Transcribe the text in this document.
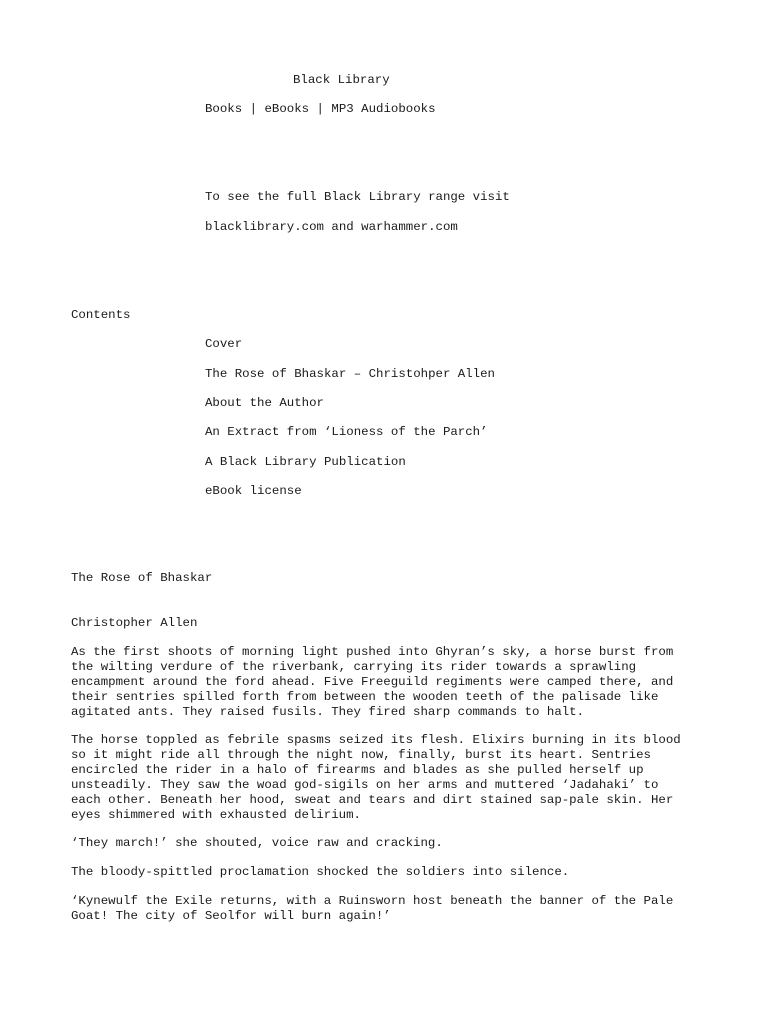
Black Library
Books | eBooks | MP3 Audiobooks
To see the full Black Library range visit
blacklibrary.com and warhammer.com
Contents
Cover
The Rose of Bhaskar – Christohper Allen
About the Author
An Extract from ‘Lioness of the Parch’
A Black Library Publication
eBook license
The Rose of Bhaskar
Christopher Allen
As the first shoots of morning light pushed into Ghyran’s sky, a horse burst from
the wilting verdure of the riverbank, carrying its rider towards a sprawling
encampment around the ford ahead. Five Freeguild regiments were camped there, and
their sentries spilled forth from between the wooden teeth of the palisade like
agitated ants. They raised fusils. They fired sharp commands to halt.
The horse toppled as febrile spasms seized its flesh. Elixirs burning in its blood
so it might ride all through the night now, finally, burst its heart. Sentries
encircled the rider in a halo of firearms and blades as she pulled herself up
unsteadily. They saw the woad god-sigils on her arms and muttered ‘Jadahaki’ to
each other. Beneath her hood, sweat and tears and dirt stained sap-pale skin. Her
eyes shimmered with exhausted delirium.
‘They march!’ she shouted, voice raw and cracking.
The bloody-spittled proclamation shocked the soldiers into silence.
‘Kynewulf the Exile returns, with a Ruinsworn host beneath the banner of the Pale
Goat! The city of Seolfor will burn again!’
